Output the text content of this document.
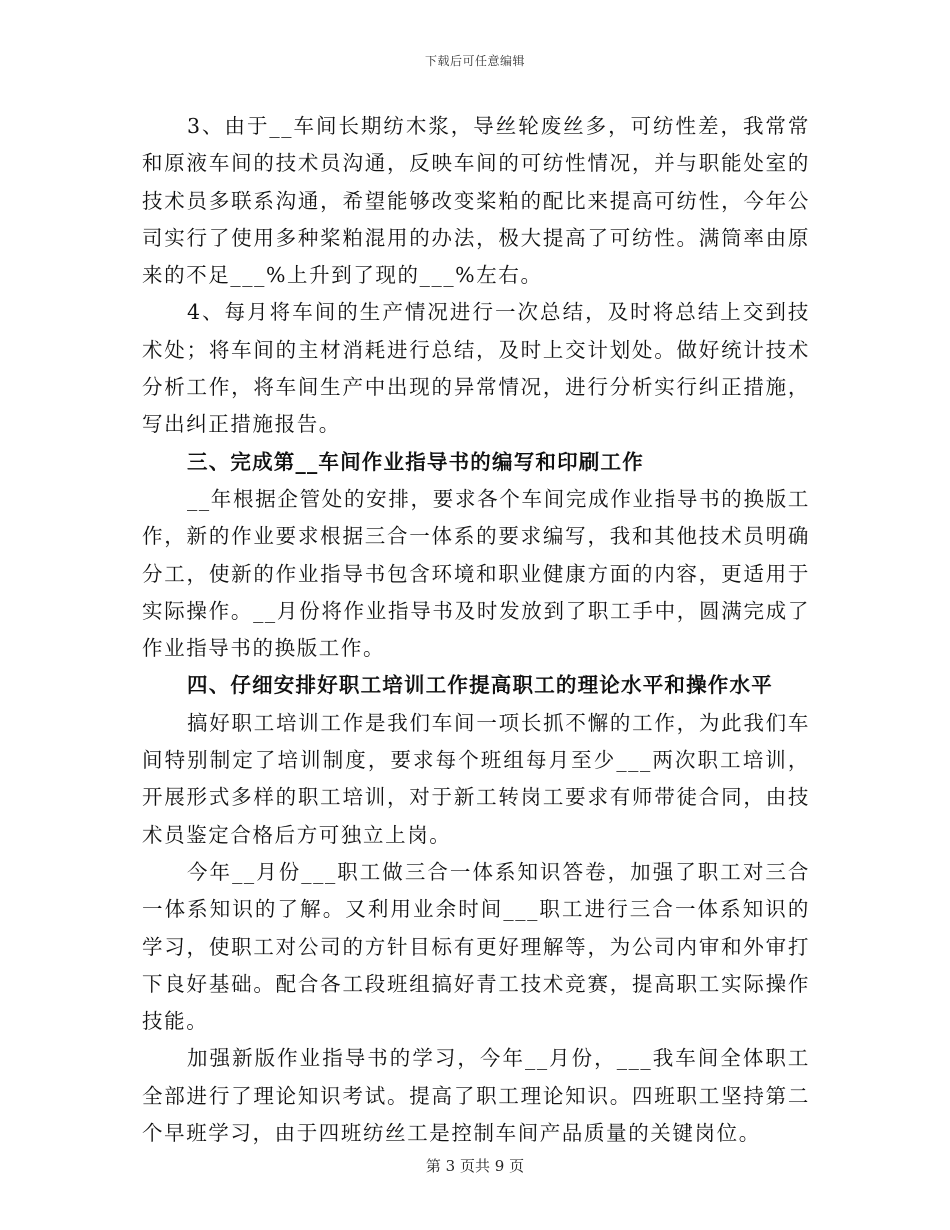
下载后可任意编辑

3、由于__车间长期纺木浆，导丝轮废丝多，可纺性差，我常常和原液车间的技术员沟通，反映车间的可纺性情况，并与职能处室的技术员多联系沟通，希望能够改变桨粕的配比来提高可纺性，今年公司实行了使用多种桨粕混用的办法，极大提高了可纺性。满筒率由原来的不足___%上升到了现的___%左右。

4、每月将车间的生产情况进行一次总结，及时将总结上交到技术处；将车间的主材消耗进行总结，及时上交计划处。做好统计技术分析工作，将车间生产中出现的异常情况，进行分析实行纠正措施，写出纠正措施报告。

三、完成第__车间作业指导书的编写和印刷工作

__年根据企管处的安排，要求各个车间完成作业指导书的换版工作，新的作业要求根据三合一体系的要求编写，我和其他技术员明确分工，使新的作业指导书包含环境和职业健康方面的内容，更适用于实际操作。__月份将作业指导书及时发放到了职工手中，圆满完成了作业指导书的换版工作。

四、仔细安排好职工培训工作提高职工的理论水平和操作水平

搞好职工培训工作是我们车间一项长抓不懈的工作，为此我们车间特别制定了培训制度，要求每个班组每月至少___两次职工培训，开展形式多样的职工培训，对于新工转岗工要求有师带徒合同，由技术员鉴定合格后方可独立上岗。

今年__月份___职工做三合一体系知识答卷，加强了职工对三合一体系知识的了解。又利用业余时间___职工进行三合一体系知识的学习，使职工对公司的方针目标有更好理解等，为公司内审和外审打下良好基础。配合各工段班组搞好青工技术竞赛，提高职工实际操作技能。

加强新版作业指导书的学习，今年__月份，___我车间全体职工全部进行了理论知识考试。提高了职工理论知识。四班职工坚持第二个早班学习，由于四班纺丝工是控制车间产品质量的关键岗位。

第 3 页共 9 页
